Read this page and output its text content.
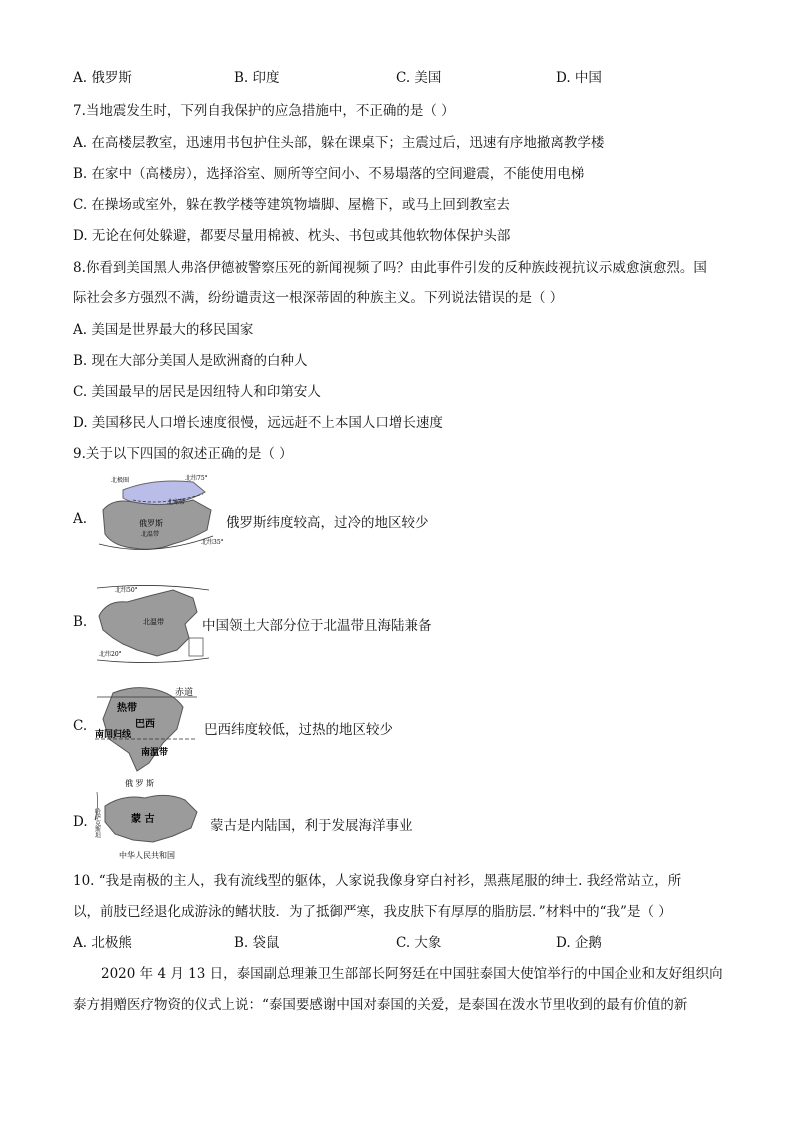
A. 俄罗斯	B. 印度	C. 美国	D. 中国
7.当地震发生时，下列自我保护的应急措施中，不正确的是（ ）
A. 在高楼层教室，迅速用书包护住头部，躲在课桌下；主震过后，迅速有序地撤离教学楼
B. 在家中（高楼房），选择浴室、厕所等空间小、不易塌落的空间避震，不能使用电梯
C. 在操场或室外，躲在教学楼等建筑物墙脚、屋檐下，或马上回到教室去
D. 无论在何处躲避，都要尽量用棉被、枕头、书包或其他软物体保护头部
8.你看到美国黑人弗洛伊德被警察压死的新闻视频了吗？由此事件引发的反种族歧视抗议示威愈演愈烈。国
际社会多方强烈不满，纷纷谴责这一根深蒂固的种族主义。下列说法错误的是（ ）
A. 美国是世界最大的移民国家
B. 现在大部分美国人是欧洲裔的白种人
C. 美国最早的居民是因纽特人和印第安人
D. 美国移民人口增长速度很慢，远远赶不上本国人口增长速度
9.关于以下四国的叙述正确的是（ ）
A.
北极圈	北纬75°
北寒带
俄罗斯
北温带
北纬35°
俄罗斯纬度较高，过冷的地区较少
B.
北纬50°
北温带
北纬20°
中国领土大部分位于北温带且海陆兼备
C.
赤道
热带
巴西
南回归线
南温带
巴西纬度较低，过热的地区较少
D.
俄 罗 斯
蒙 古
哈萨克斯坦
中华人民共和国
蒙古是内陆国，利于发展海洋事业
10. “我是南极的主人，我有流线型的躯体，人家说我像身穿白衬衫，黑燕尾服的绅士. 我经常站立，所
以，前肢已经退化成游泳的鳍状肢．为了抵御严寒，我皮肤下有厚厚的脂肪层．”材料中的“我”是（ ）
A. 北极熊	B. 袋鼠	C. 大象	D. 企鹅
2020 年 4 月 13 日，泰国副总理兼卫生部部长阿努廷在中国驻泰国大使馆举行的中国企业和友好组织向
泰方捐赠医疗物资的仪式上说：“泰国要感谢中国对泰国的关爱，是泰国在泼水节里收到的最有价值的新
